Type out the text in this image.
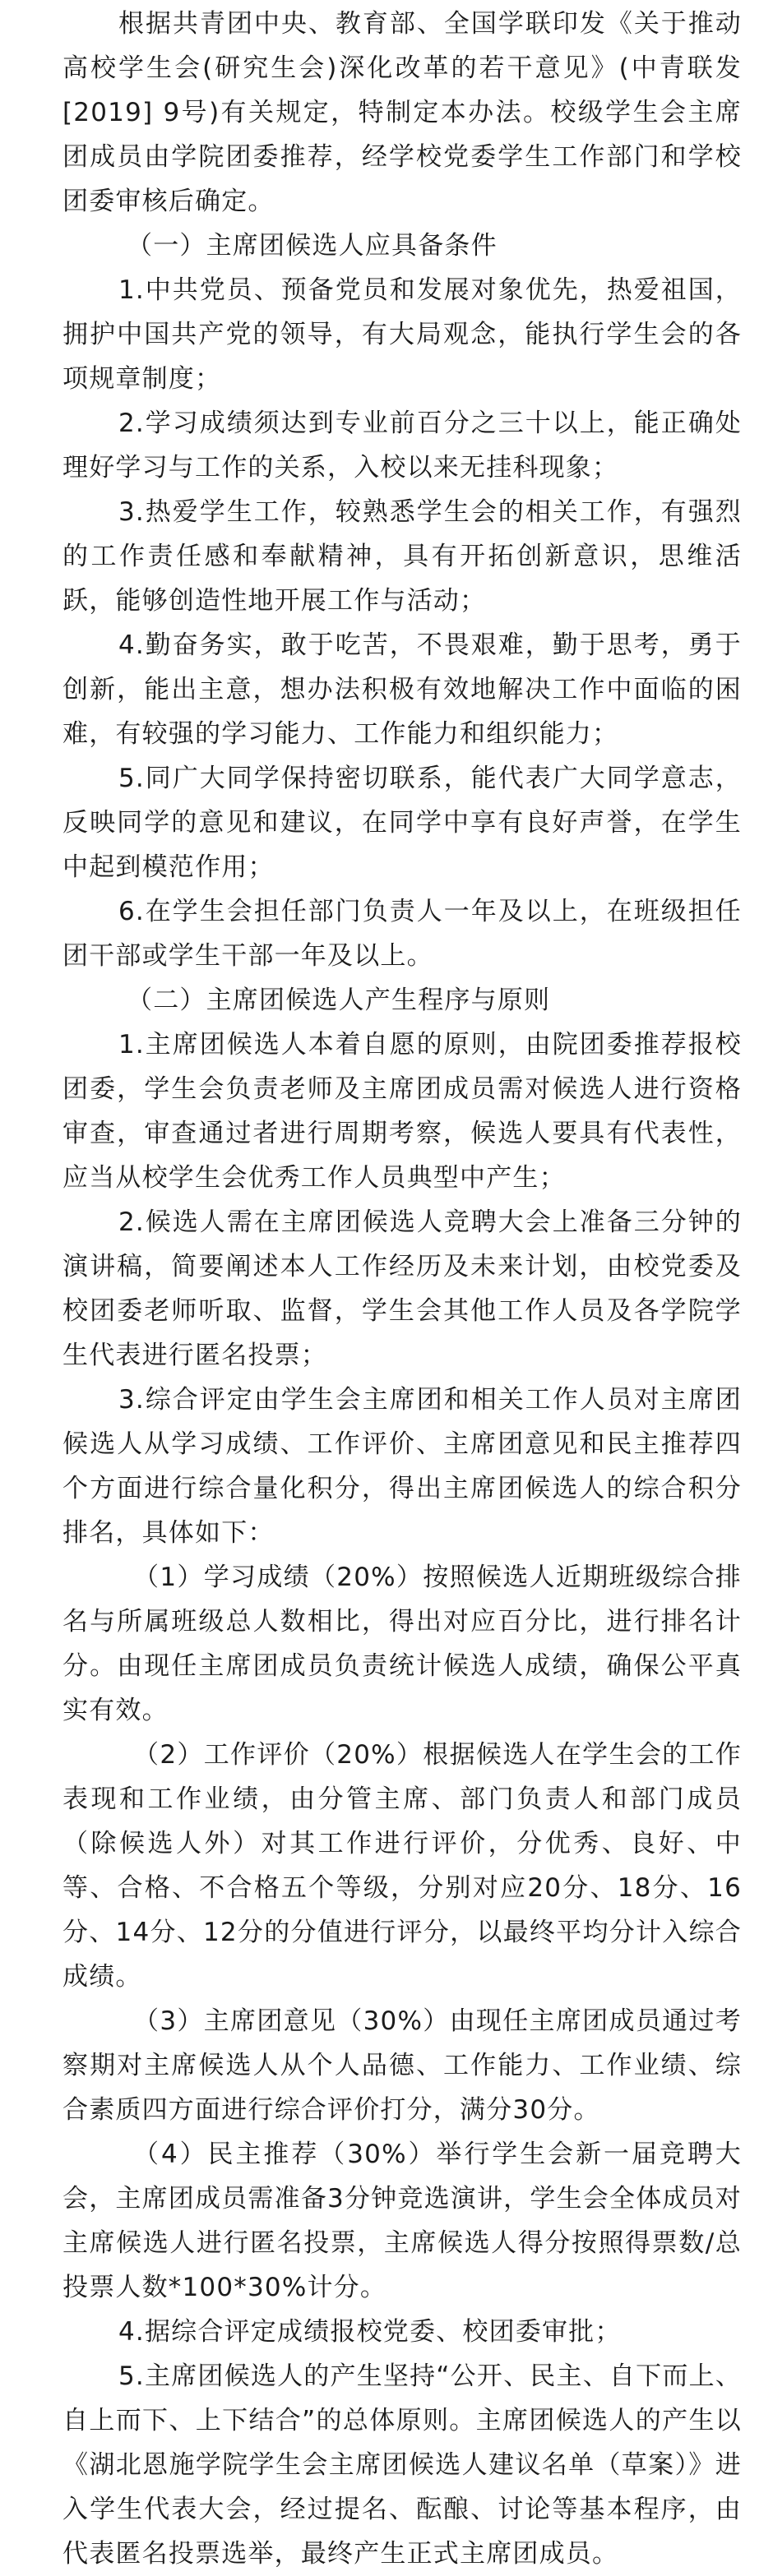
根据共青团中央、教育部、全国学联印发《关于推动高校学生会(研究生会)深化改革的若干意见》(中青联发[2019] 9号)有关规定，特制定本办法。校级学生会主席团成员由学院团委推荐，经学校党委学生工作部门和学校团委审核后确定。

（一）主席团候选人应具备条件

1.中共党员、预备党员和发展对象优先，热爱祖国，拥护中国共产党的领导，有大局观念，能执行学生会的各项规章制度；

2.学习成绩须达到专业前百分之三十以上，能正确处理好学习与工作的关系，入校以来无挂科现象；

3.热爱学生工作，较熟悉学生会的相关工作，有强烈的工作责任感和奉献精神，具有开拓创新意识，思维活跃，能够创造性地开展工作与活动；

4.勤奋务实，敢于吃苦，不畏艰难，勤于思考，勇于创新，能出主意，想办法积极有效地解决工作中面临的困难，有较强的学习能力、工作能力和组织能力；

5.同广大同学保持密切联系，能代表广大同学意志，反映同学的意见和建议，在同学中享有良好声誉，在学生中起到模范作用；

6.在学生会担任部门负责人一年及以上，在班级担任团干部或学生干部一年及以上。

（二）主席团候选人产生程序与原则

1.主席团候选人本着自愿的原则，由院团委推荐报校团委，学生会负责老师及主席团成员需对候选人进行资格审查，审查通过者进行周期考察，候选人要具有代表性，应当从校学生会优秀工作人员典型中产生；

2.候选人需在主席团候选人竞聘大会上准备三分钟的演讲稿，简要阐述本人工作经历及未来计划，由校党委及校团委老师听取、监督，学生会其他工作人员及各学院学生代表进行匿名投票；

3.综合评定由学生会主席团和相关工作人员对主席团候选人从学习成绩、工作评价、主席团意见和民主推荐四个方面进行综合量化积分，得出主席团候选人的综合积分排名，具体如下：

（1）学习成绩（20%）按照候选人近期班级综合排名与所属班级总人数相比，得出对应百分比，进行排名计分。由现任主席团成员负责统计候选人成绩，确保公平真实有效。

（2）工作评价（20%）根据候选人在学生会的工作表现和工作业绩，由分管主席、部门负责人和部门成员（除候选人外）对其工作进行评价，分优秀、良好、中等、合格、不合格五个等级，分别对应20分、18分、16分、14分、12分的分值进行评分，以最终平均分计入综合成绩。

（3）主席团意见（30%）由现任主席团成员通过考察期对主席候选人从个人品德、工作能力、工作业绩、综合素质四方面进行综合评价打分，满分30分。

（4）民主推荐（30%）举行学生会新一届竞聘大会，主席团成员需准备3分钟竞选演讲，学生会全体成员对主席候选人进行匿名投票，主席候选人得分按照得票数/总投票人数*100*30%计分。

4.据综合评定成绩报校党委、校团委审批；

5.主席团候选人的产生坚持“公开、民主、自下而上、自上而下、上下结合”的总体原则。主席团候选人的产生以《湖北恩施学院学生会主席团候选人建议名单（草案）》进入学生代表大会，经过提名、酝酿、讨论等基本程序，由代表匿名投票选举，最终产生正式主席团成员。
